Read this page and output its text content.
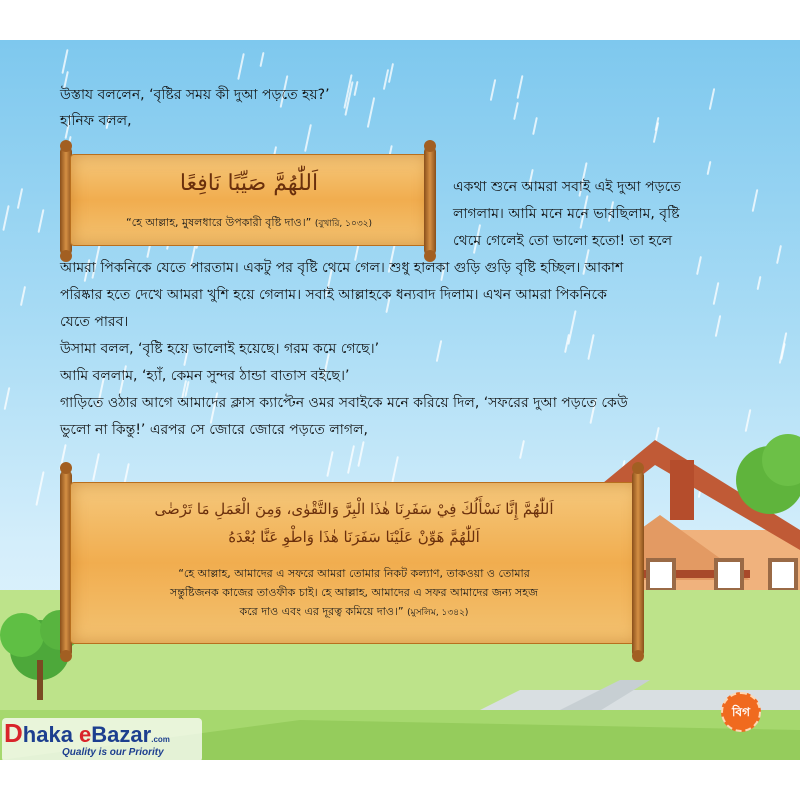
উস্তায বললেন, ‘বৃষ্টির সময় কী দুআ পড়তে হয়?’
হানিফ বলল,
اَللّٰهُمَّ صَيِّبًا نَافِعًا
“হে আল্লাহ, মুষলধারে উপকারী বৃষ্টি দাও।” (বুখারি, ১০৩২)
একথা শুনে আমরা সবাই এই দুআ পড়তে
লাগলাম। আমি মনে মনে ভাবছিলাম, বৃষ্টি
থেমে গেলেই তো ভালো হতো! তা হলে
আমরা পিকনিকে যেতে পারতাম। একটু পর বৃষ্টি থেমে গেল। শুধু হালকা গুড়ি গুড়ি বৃষ্টি হচ্ছিল। আকাশ
পরিষ্কার হতে দেখে আমরা খুশি হয়ে গেলাম। সবাই আল্লাহকে ধন্যবাদ দিলাম। এখন আমরা পিকনিকে
যেতে পারব।
উসামা বলল, ‘বৃষ্টি হয়ে ভালোই হয়েছে। গরম কমে গেছে।’
আমি বললাম, ‘হ্যাঁ, কেমন সুন্দর ঠান্ডা বাতাস বইছে।’
গাড়িতে ওঠার আগে আমাদের ক্লাস ক্যাপ্টেন ওমর সবাইকে মনে করিয়ে দিল, ‘সফরের দুআ পড়তে কেউ
ভুলো না কিন্তু!’ এরপর সে জোরে জোরে পড়তে লাগল,
اَللّٰهُمَّ إِنَّا نَسْأَلُكَ فِيْ سَفَرِنَا هٰذَا الْبِرَّ وَالتَّقْوٰى، وَمِنَ الْعَمَلِ مَا تَرْضٰى
اَللّٰهُمَّ هَوِّنْ عَلَيْنَا سَفَرَنَا هٰذَا وَاطْوِ عَنَّا بُعْدَهُ
“হে আল্লাহ, আমাদের এ সফরে আমরা তোমার নিকট কল্যাণ, তাকওয়া ও তোমার
সন্তুষ্টিজনক কাজের তাওফীক চাই। হে আল্লাহ, আমাদের এ সফর আমাদের জন্য সহজ
করে দাও এবং এর দূরত্ব কমিয়ে দাও।” (মুসলিম, ১৩৪২)
বিগ
Dhaka eBazar.com
Quality is our Priority
